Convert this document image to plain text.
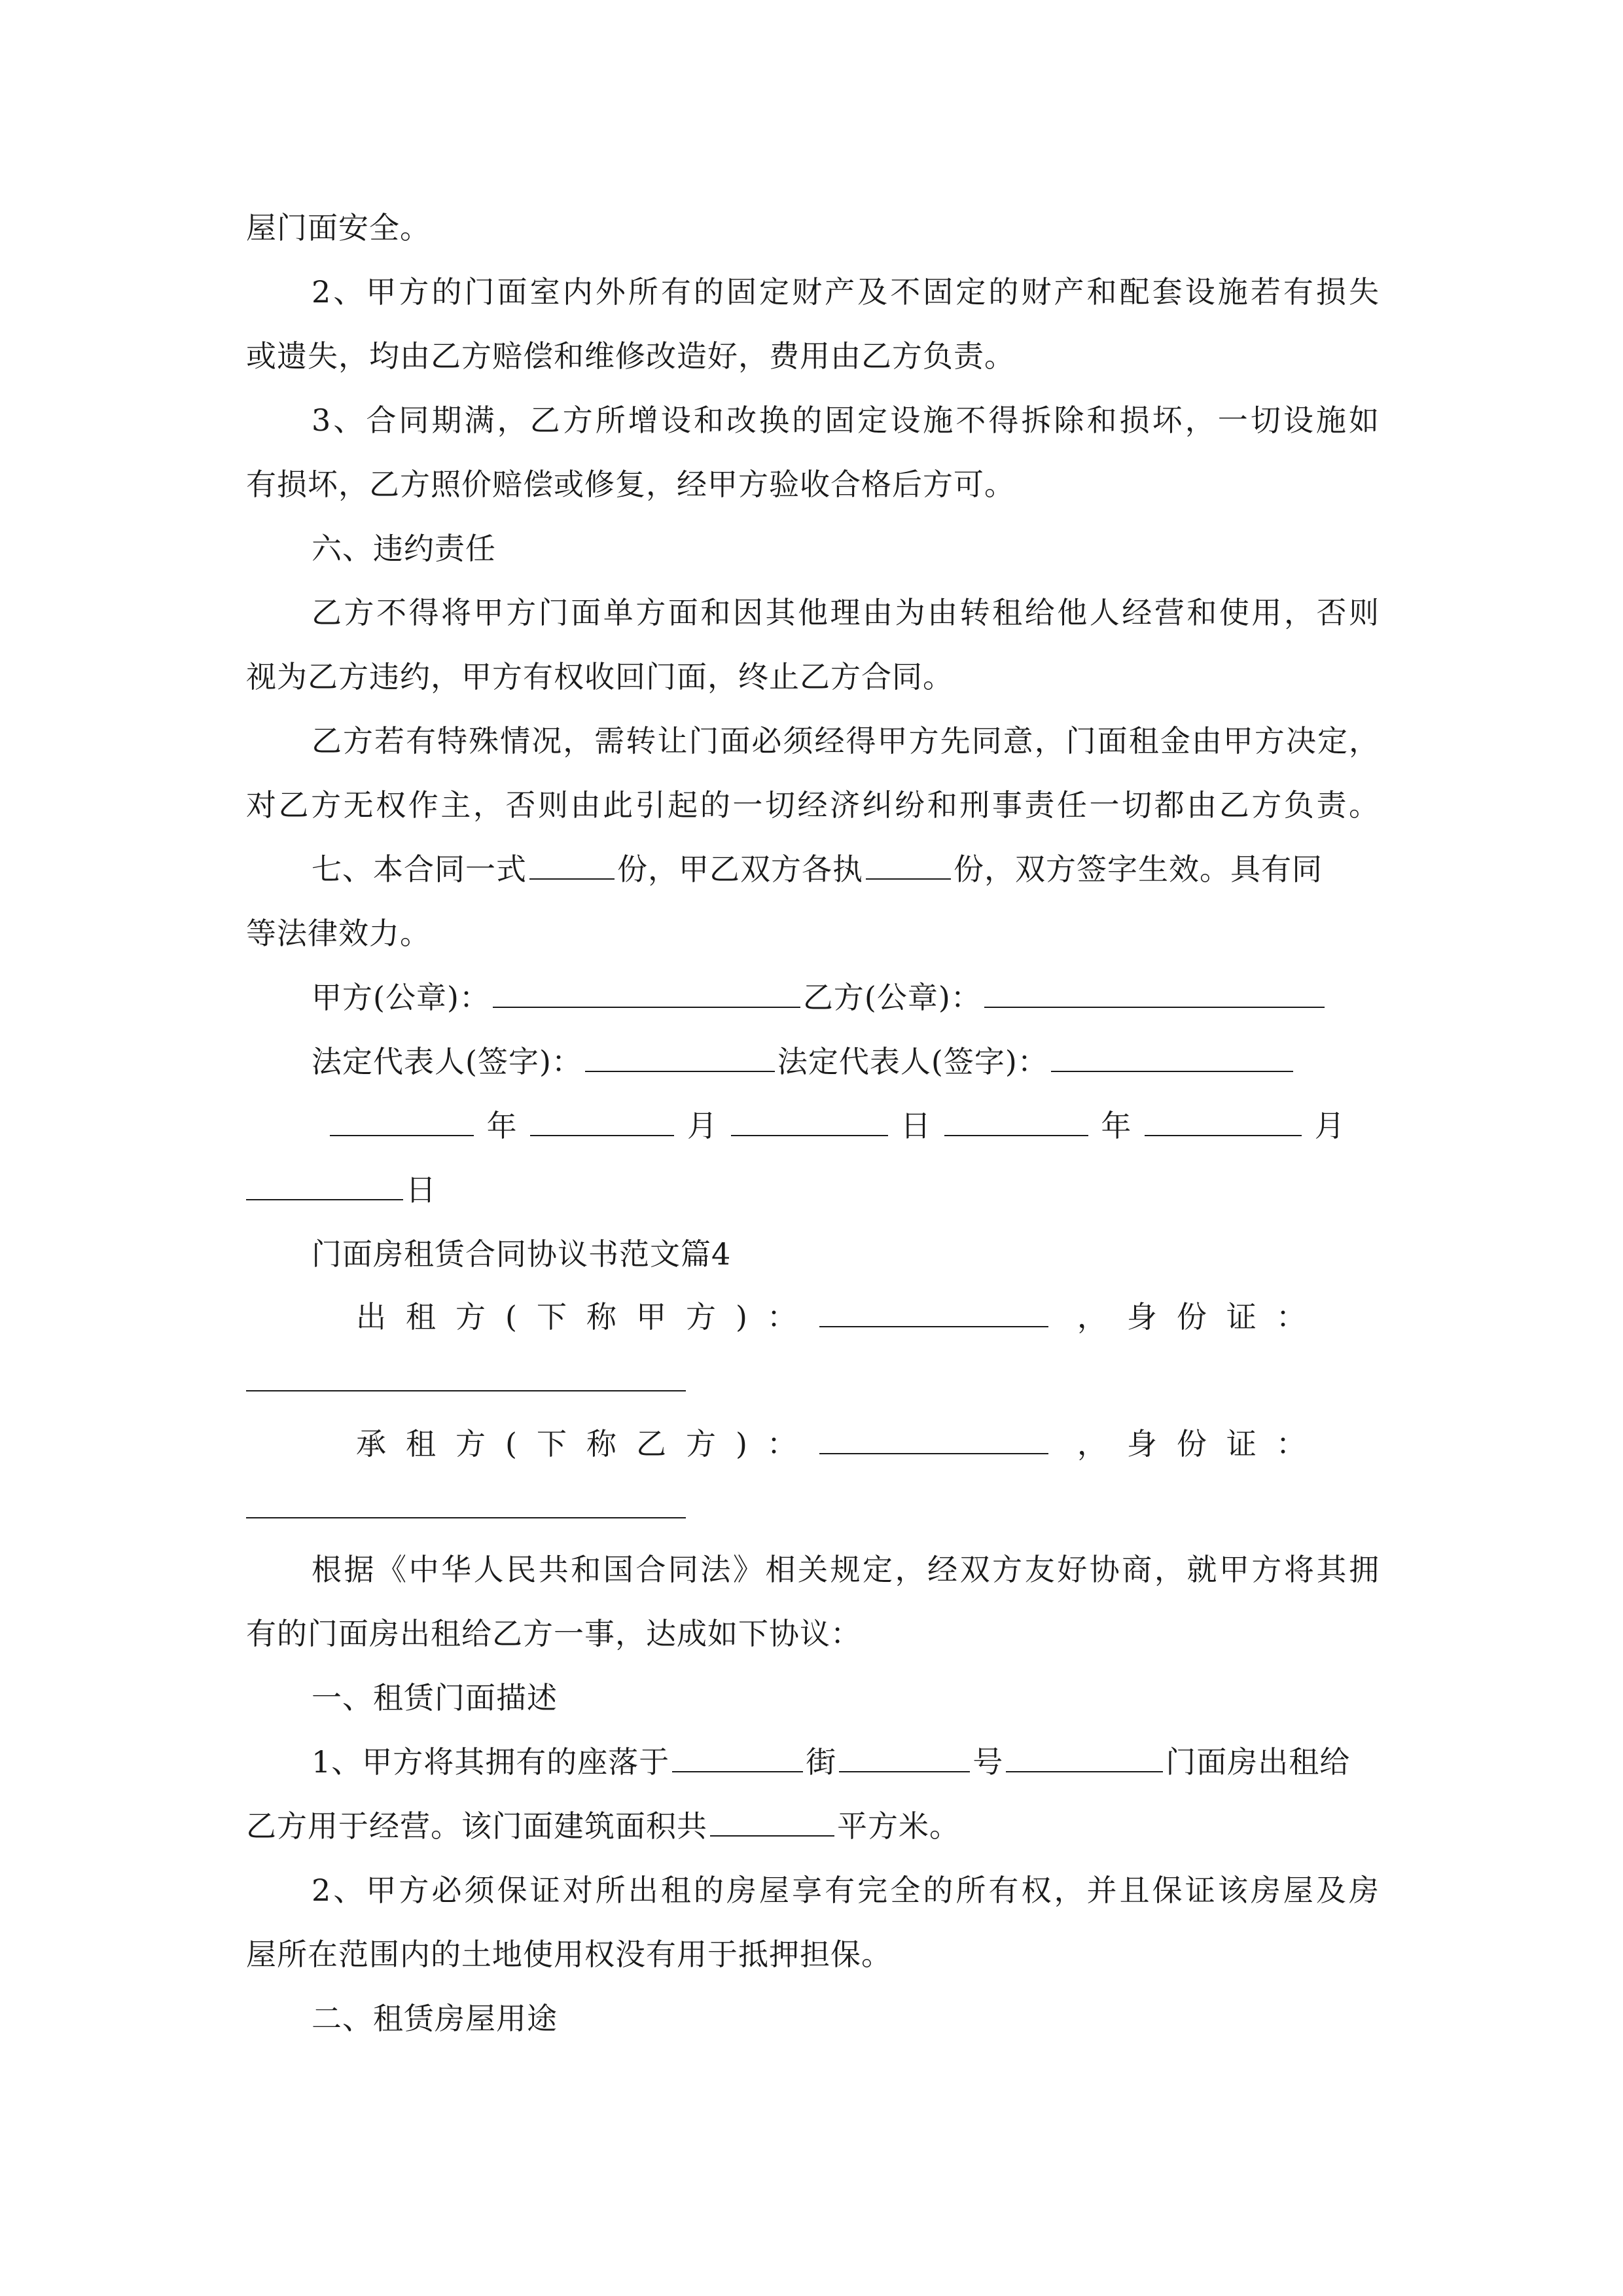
屋门面安全。
2、甲方的门面室内外所有的固定财产及不固定的财产和配套设施若有损失
或遗失，均由乙方赔偿和维修改造好，费用由乙方负责。
3、合同期满，乙方所增设和改换的固定设施不得拆除和损坏，一切设施如
有损坏，乙方照价赔偿或修复，经甲方验收合格后方可。
六、违约责任
乙方不得将甲方门面单方面和因其他理由为由转租给他人经营和使用，否则
视为乙方违约，甲方有权收回门面，终止乙方合同。
乙方若有特殊情况，需转让门面必须经得甲方先同意，门面租金由甲方决定，
对乙方无权作主，否则由此引起的一切经济纠纷和刑事责任一切都由乙方负责。
七、本合同一式	份，甲乙双方各执	份，双方签字生效。具有同
等法律效力。
甲方(公章)：	乙方(公章)：
法定代表人(签字)：	法定代表人(签字)：
年	月	日	年	月
日
门面房租赁合同协议书范文篇4
出租方(下称甲方)：	，身份证：
承租方(下称乙方)：	，身份证：
根据《中华人民共和国合同法》相关规定，经双方友好协商，就甲方将其拥
有的门面房出租给乙方一事，达成如下协议：
一、租赁门面描述
1、甲方将其拥有的座落于	街	号	门面房出租给
乙方用于经营。该门面建筑面积共	平方米。
2、甲方必须保证对所出租的房屋享有完全的所有权，并且保证该房屋及房
屋所在范围内的土地使用权没有用于抵押担保。
二、租赁房屋用途
